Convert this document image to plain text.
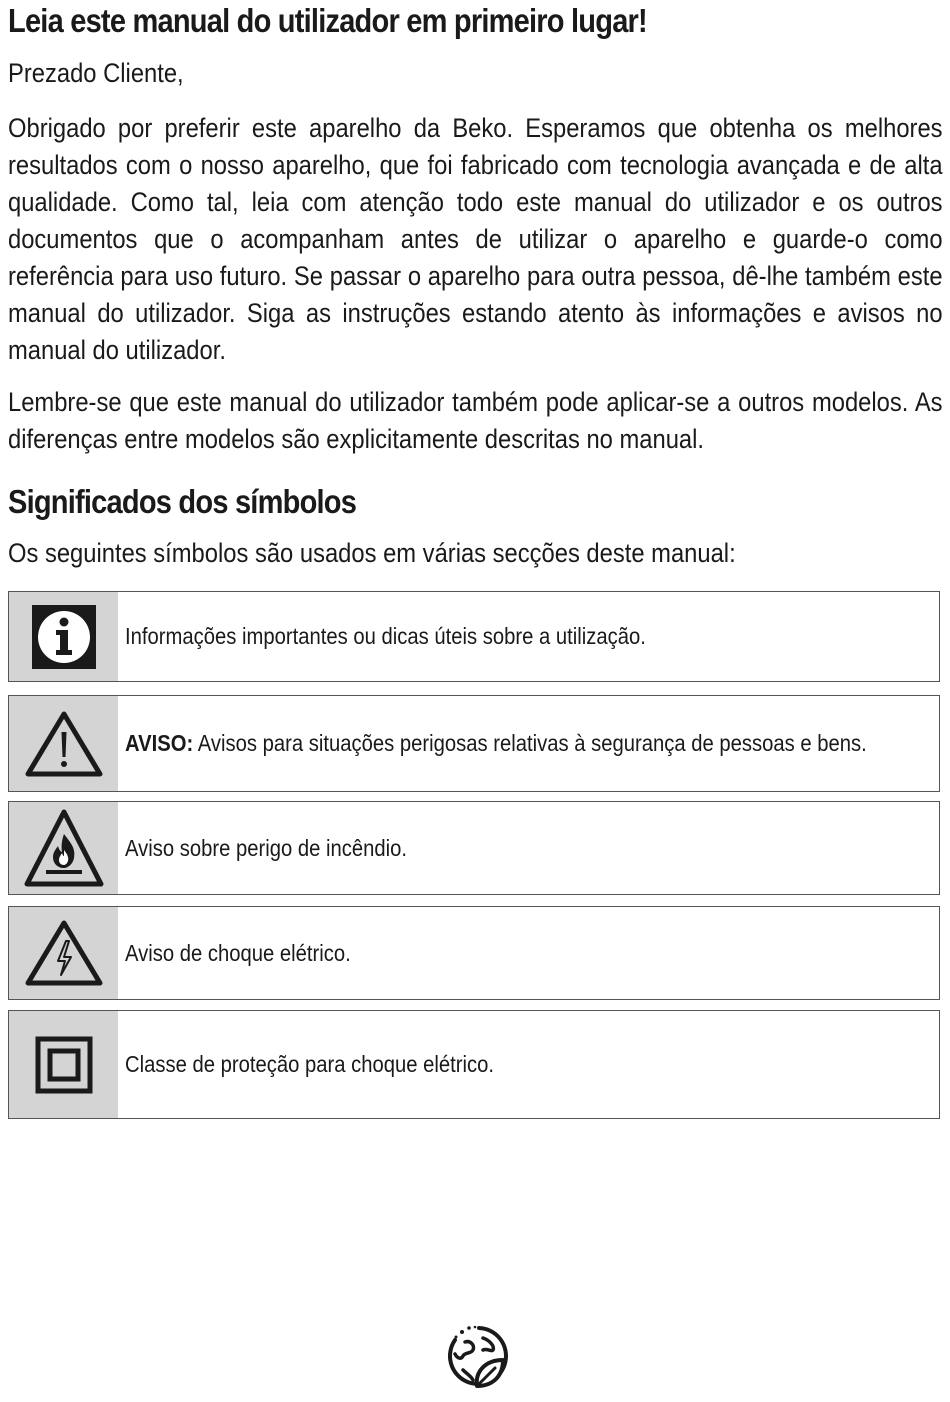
Leia este manual do utilizador em primeiro lugar!
Prezado Cliente,

Obrigado por preferir este aparelho da Beko. Esperamos que obtenha os melhores resultados com o nosso aparelho, que foi fabricado com tecnologia avançada e de alta qualidade. Como tal, leia com atenção todo este manual do utilizador e os outros documentos que o acompanham antes de utilizar o aparelho e guarde-o como referência para uso futuro. Se passar o aparelho para outra pessoa, dê-lhe também este manual do utilizador. Siga as instruções estando atento às informações e avisos no manual do utilizador.

Lembre-se que este manual do utilizador também pode aplicar-se a outros modelos. As diferenças entre modelos são explicitamente descritas no manual.

Significados dos símbolos
Os seguintes símbolos são usados em várias secções deste manual:
Informações importantes ou dicas úteis sobre a utilização.
AVISO: Avisos para situações perigosas relativas à segurança de pessoas e bens.
Aviso sobre perigo de incêndio.
Aviso de choque elétrico.
Classe de proteção para choque elétrico.
